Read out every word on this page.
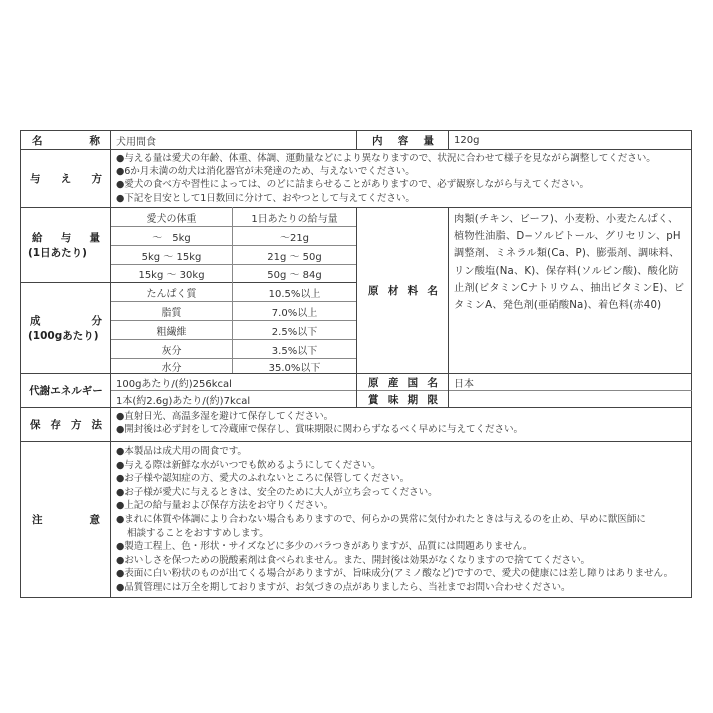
名	称 犬用間食	内 容 量 120g
与 え 方
●与える量は愛犬の年齢、体重、体調、運動量などにより異なりますので、状況に合わせて様子を見ながら調整してください。
●6か月未満の幼犬は消化器官が未発達のため、与えないでください。
●愛犬の食べ方や習性によっては、のどに詰まらせることがありますので、必ず観察しながら与えてください。
●下記を目安として1日数回に分けて、おやつとして与えてください。
給 与 量
(1日あたり)
愛犬の体重	1日あたりの給与量
〜　5kg	〜21g
5kg 〜 15kg	21g 〜 50g
15kg 〜 30kg	50g 〜 84g
成	分
(100gあたり)
たんぱく質	10.5%以上
脂質	7.0%以上
粗繊維	2.5%以下
灰分	3.5%以下
水分	35.0%以下
原 材 料 名
肉類(チキン、ビーフ)、小麦粉、小麦たんぱく、植物性油脂、D−ソルビトール、グリセリン、pH調整剤、ミネラル類(Ca、P)、膨張剤、調味料、リン酸塩(Na、K)、保存料(ソルビン酸)、酸化防止剤(ビタミンCナトリウム、抽出ビタミンE)、ビタミンA、発色剤(亜硝酸Na)、着色料(赤40)
代謝エネルギー
100gあたり/(約)256kcal
1本(約2.6g)あたり/(約)7kcal
原 産 国 名 日本
賞 味 期 限
保 存 方 法
●直射日光、高温多湿を避けて保存してください。
●開封後は必ず封をして冷蔵庫で保存し、賞味期限に関わらずなるべく早めに与えてください。
注	意
●本製品は成犬用の間食です。
●与える際は新鮮な水がいつでも飲めるようにしてください。
●お子様や認知症の方、愛犬のふれないところに保管してください。
●お子様が愛犬に与えるときは、安全のために大人が立ち会ってください。
●上記の給与量および保存方法をお守りください。
●まれに体質や体調により合わない場合もありますので、何らかの異常に気付かれたときは与えるのを止め、早めに獣医師に
相談することをおすすめします。
●製造工程上、色・形状・サイズなどに多少のバラつきがありますが、品質には問題ありません。
●おいしさを保つための脱酸素剤は食べられません。また、開封後は効果がなくなりますので捨ててください。
●表面に白い粉状のものが出てくる場合がありますが、旨味成分(アミノ酸など)ですので、愛犬の健康には差し障りはありません。
●品質管理には万全を期しておりますが、お気づきの点がありましたら、当社までお問い合わせください。
